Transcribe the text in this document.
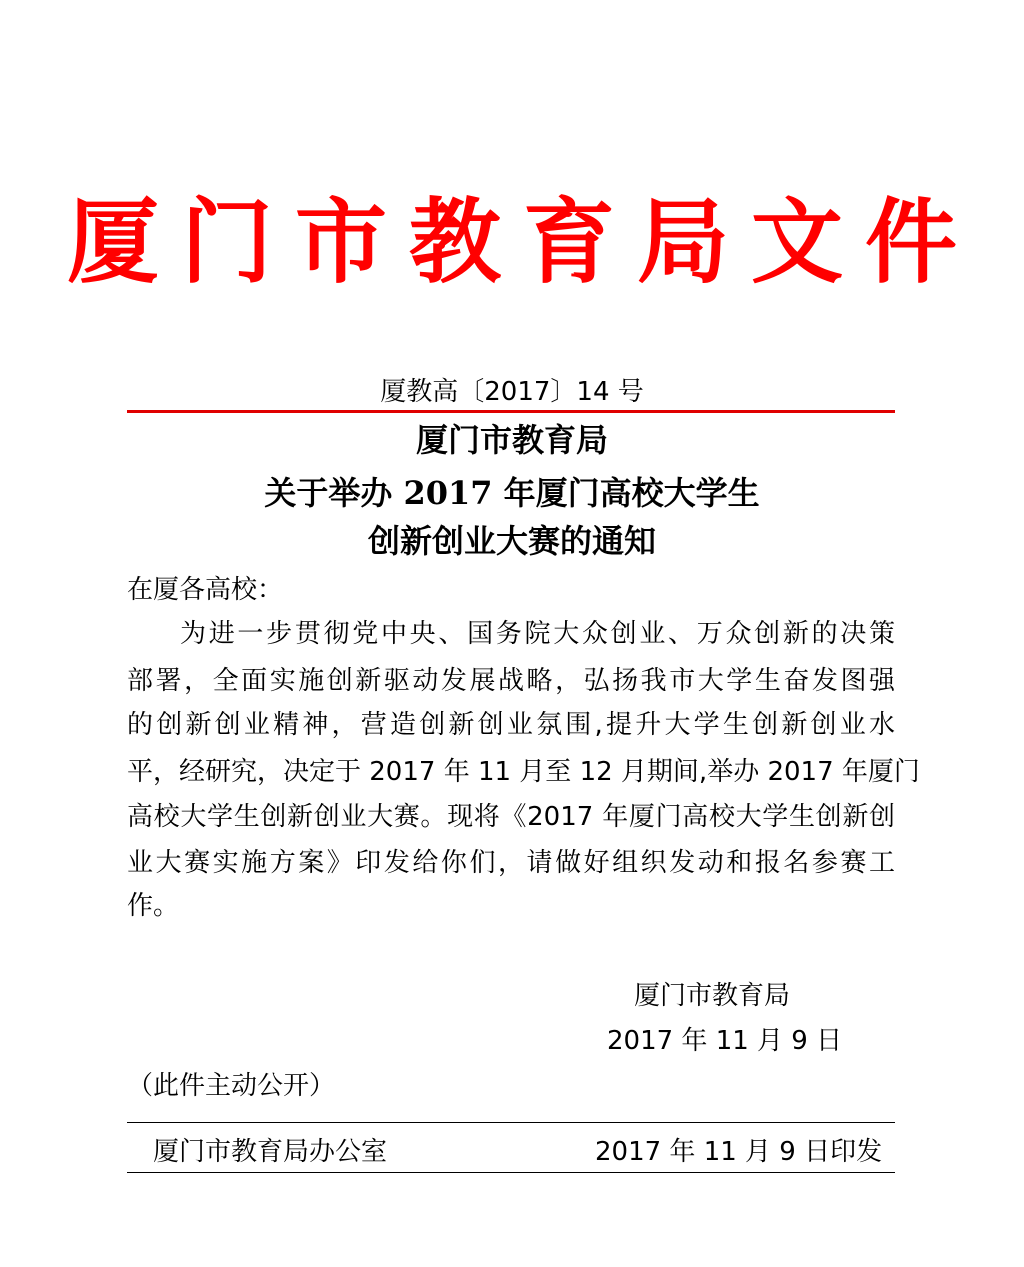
厦门市教育局文件
厦教高〔2017〕14 号
厦门市教育局
关于举办 2017 年厦门高校大学生
创新创业大赛的通知
在厦各高校：
为进一步贯彻党中央、国务院大众创业、万众创新的决策
部署，全面实施创新驱动发展战略，弘扬我市大学生奋发图强
的创新创业精神，营造创新创业氛围,提升大学生创新创业水
平，经研究，决定于 2017 年 11 月至 12 月期间,举办 2017 年厦门
高校大学生创新创业大赛。现将《2017 年厦门高校大学生创新创
业大赛实施方案》印发给你们，请做好组织发动和报名参赛工
作。
厦门市教育局
2017 年 11 月 9 日
（此件主动公开）
厦门市教育局办公室	2017 年 11 月 9 日印发
